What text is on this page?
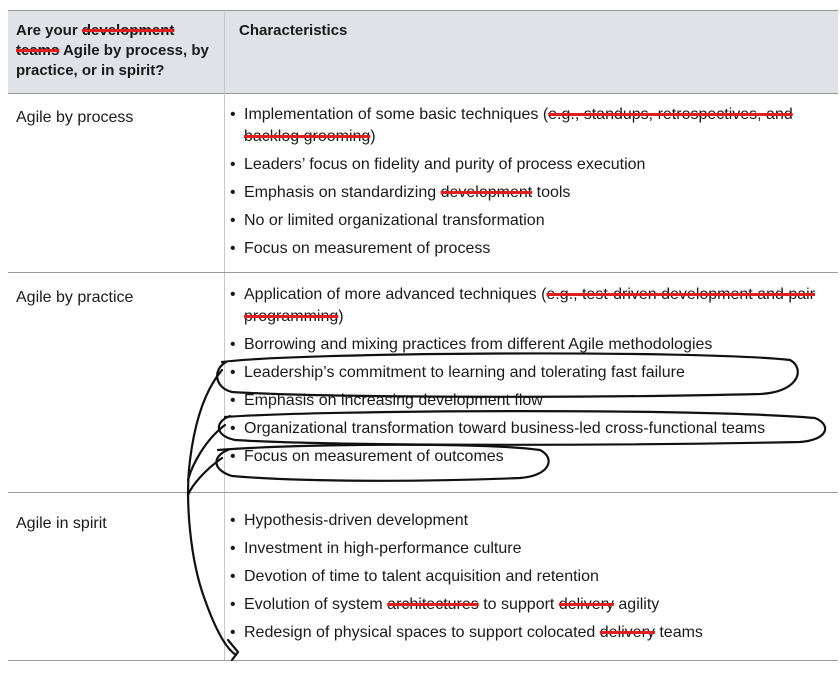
Are your development teams Agile by process, by practice, or in spirit?
Characteristics
Agile by process	• Implementation of some basic techniques (e.g., standups, retrospectives, and backlog grooming)
• Leaders’ focus on fidelity and purity of process execution
• Emphasis on standardizing development tools
• No or limited organizational transformation
• Focus on measurement of process
Agile by practice	• Application of more advanced techniques (e.g., test-driven development and pair programming)
• Borrowing and mixing practices from different Agile methodologies
• Leadership’s commitment to learning and tolerating fast failure
• Emphasis on increasing development flow
• Organizational transformation toward business-led cross-functional teams
• Focus on measurement of outcomes
Agile in spirit	• Hypothesis-driven development
• Investment in high-performance culture
• Devotion of time to talent acquisition and retention
• Evolution of system architectures to support delivery agility
• Redesign of physical spaces to support colocated delivery teams
